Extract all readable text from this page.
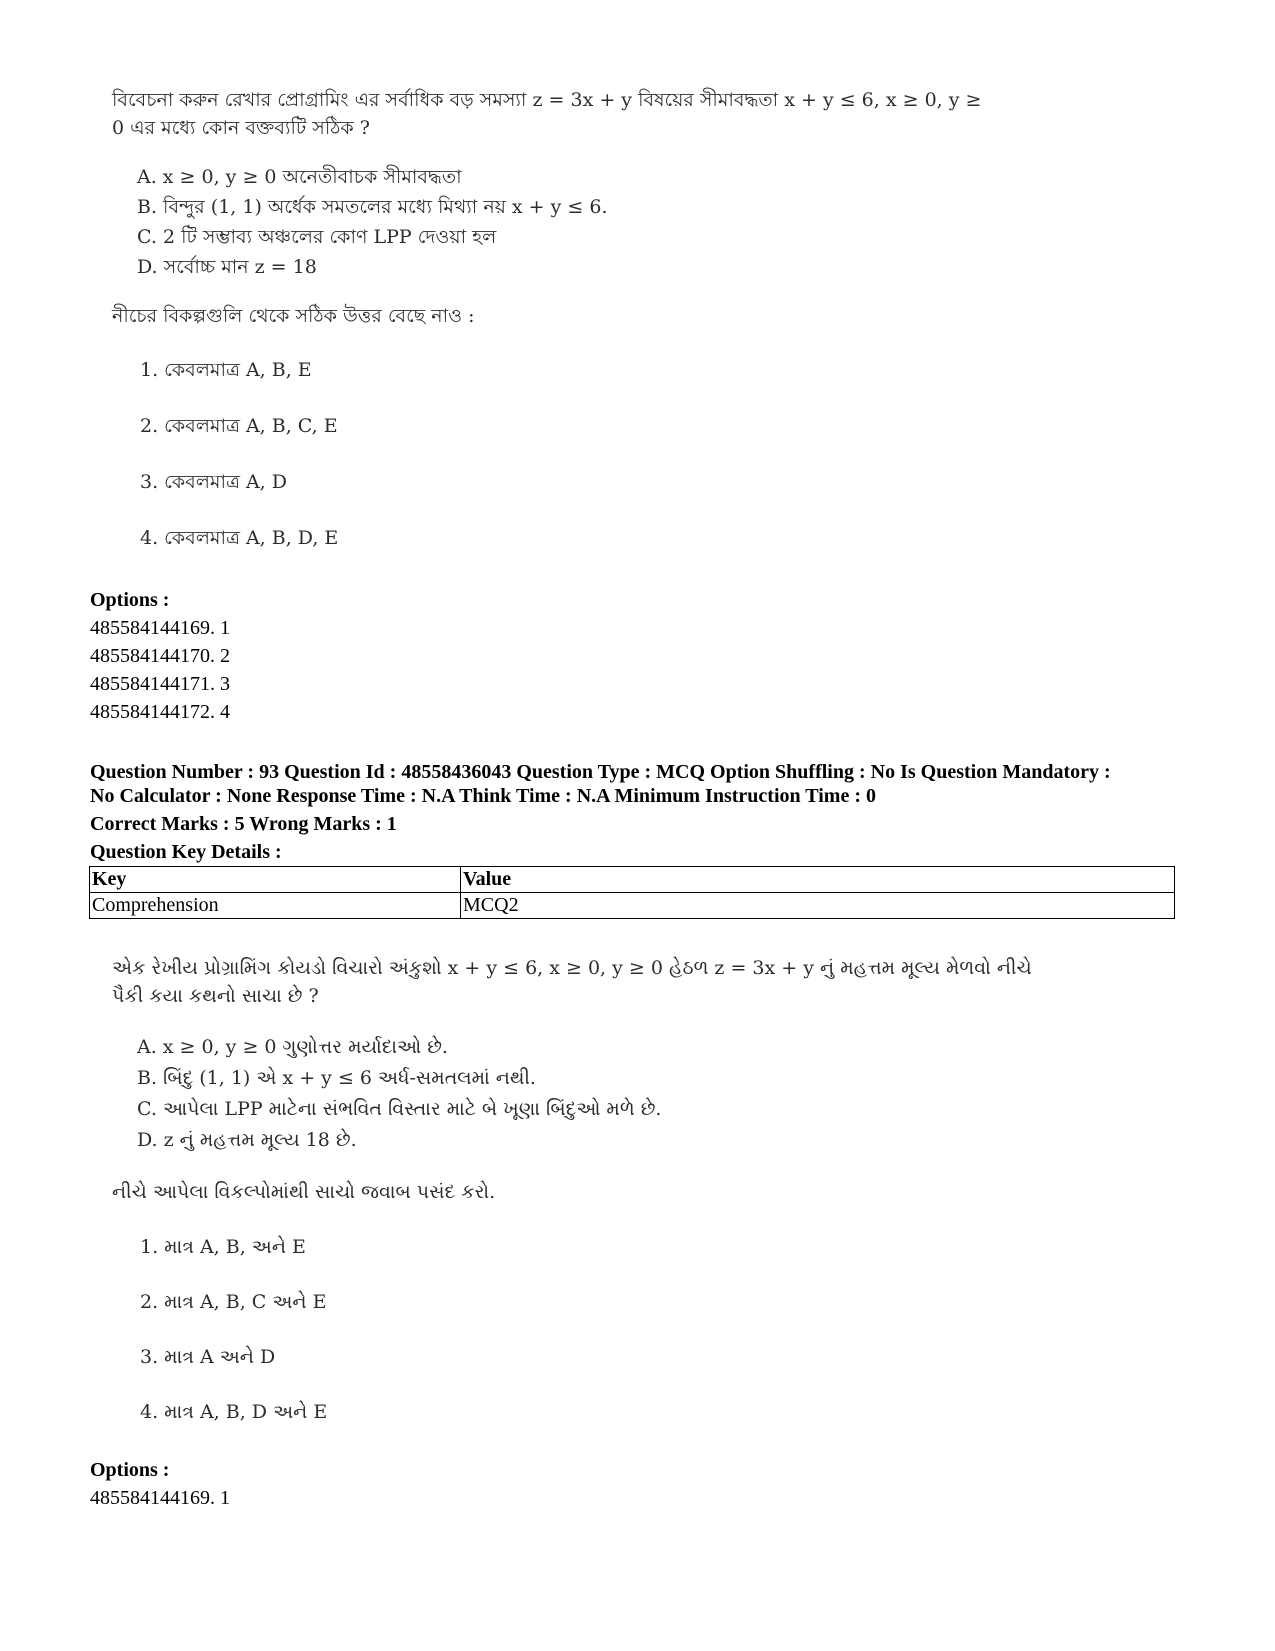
বিবেচনা করুন রেখার প্রোগ্রামিং এর সর্বাধিক বড় সমস্যা z = 3x + y বিষয়ের সীমাবদ্ধতা x + y ≤ 6, x ≥ 0, y ≥
0 এর মধ্যে কোন বক্তব্যটি সঠিক ?
A. x ≥ 0, y ≥ 0 অনেতীবাচক সীমাবদ্ধতা
B. বিন্দুর (1, 1) অর্ধেক সমতলের মধ্যে মিথ্যা নয় x + y ≤ 6.
C. 2 টি সম্ভাব্য অঞ্চলের কোণ LPP দেওয়া হল
D. সর্বোচ্চ মান z = 18
নীচের বিকল্পগুলি থেকে সঠিক উত্তর বেছে নাও :
1. কেবলমাত্র A, B, E
2. কেবলমাত্র A, B, C, E
3. কেবলমাত্র A, D
4. কেবলমাত্র A, B, D, E
Options :
485584144169. 1
485584144170. 2
485584144171. 3
485584144172. 4
Question Number : 93 Question Id : 48558436043 Question Type : MCQ Option Shuffling : No Is Question Mandatory :
No Calculator : None Response Time : N.A Think Time : N.A Minimum Instruction Time : 0
Correct Marks : 5 Wrong Marks : 1
Question Key Details :
Key	Value
Comprehension	MCQ2
એક રેખીય પ્રોગ્રામિંગ કોયડો વિચારો અંકુશો x + y ≤ 6, x ≥ 0, y ≥ 0 હેઠળ z = 3x + y નું મહત્તમ મૂલ્ય મેળવો નીચે
પૈકી કયા કથનો સાચા છે ?
A. x ≥ 0, y ≥ 0 ગુણોત્તર મર્યાદાઓ છે.
B. બિંદુ (1, 1) એ x + y ≤ 6 અર્ધ-સમતલમાં નથી.
C. આપેલા LPP માટેના સંભવિત વિસ્તાર માટે બે ખૂણા બિંદુઓ મળે છે.
D. z નું મહત્તમ મૂલ્ય 18 છે.
નીચે આપેલા વિકલ્પોમાંથી સાચો જવાબ પસંદ કરો.
1. માત્ર A, B, અને E
2. માત્ર A, B, C અને E
3. માત્ર A અને D
4. માત્ર A, B, D અને E
Options :
485584144169. 1
